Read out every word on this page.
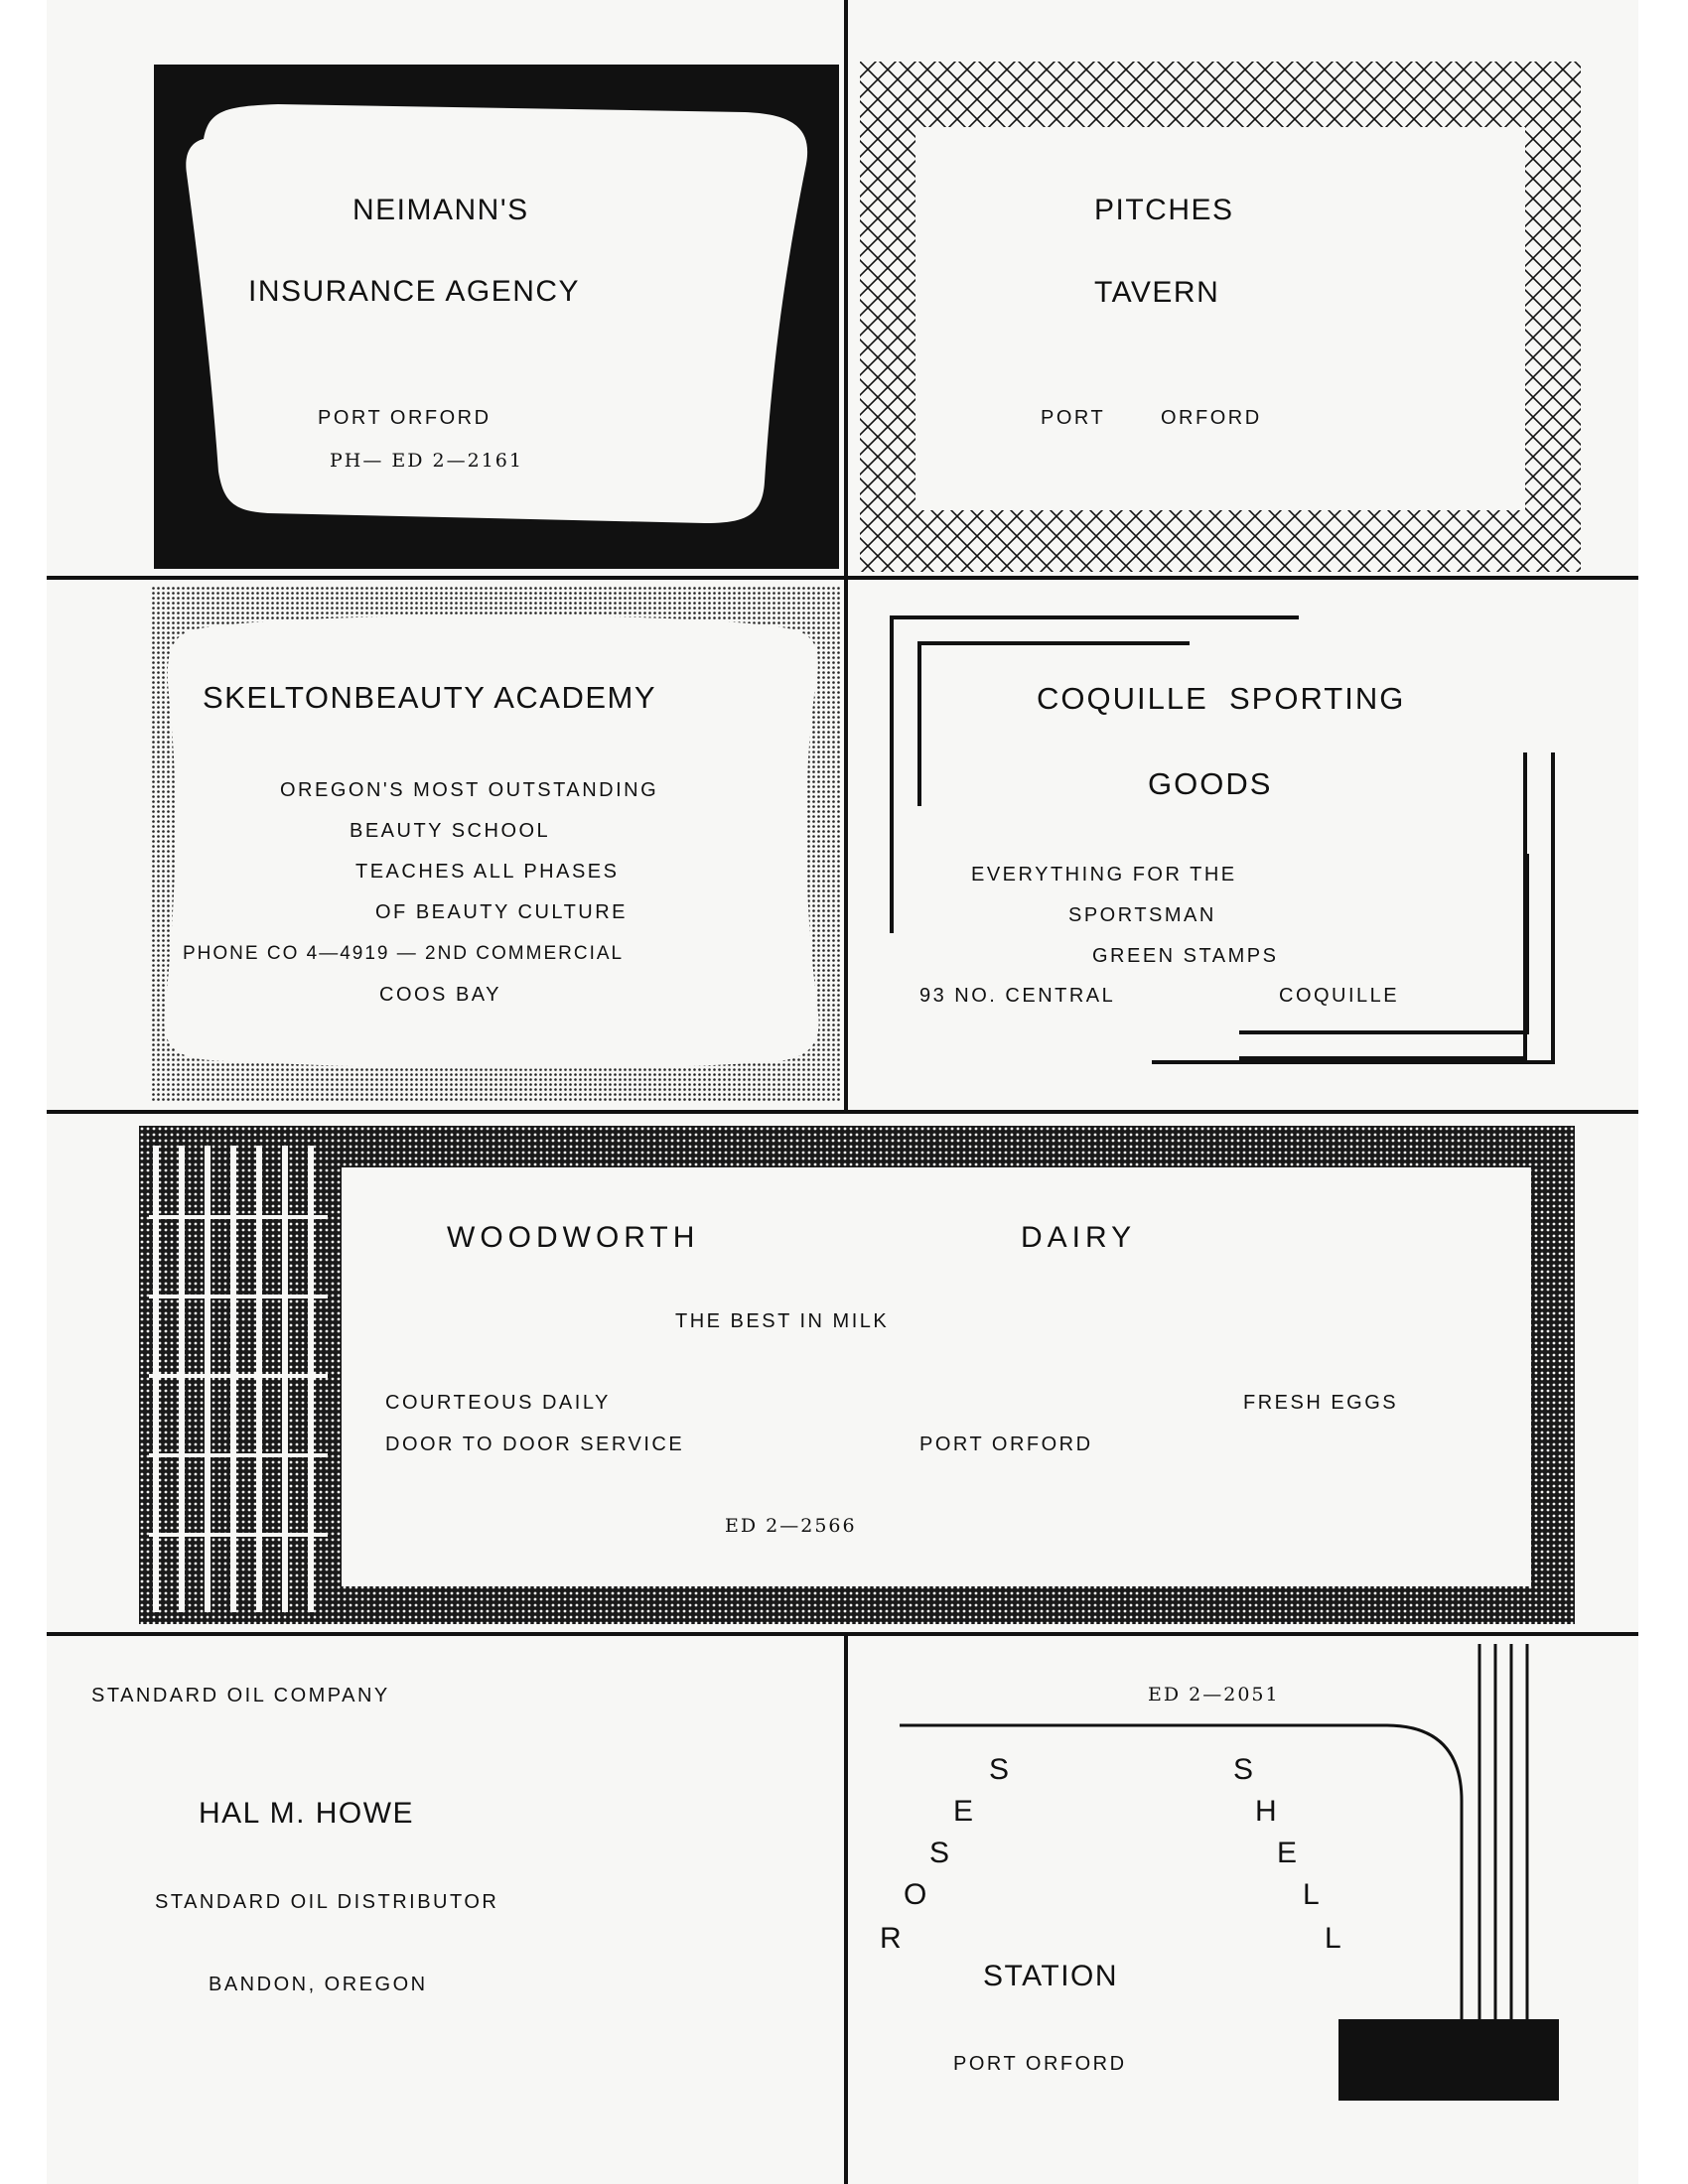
NEIMANN'S
INSURANCE AGENCY
PORT ORFORD
PH— ED 2—2161
PITCHES
TAVERN
PORT	ORFORD
SKELTONBEAUTY ACADEMY
OREGON'S MOST OUTSTANDING
BEAUTY SCHOOL
TEACHES ALL PHASES
OF BEAUTY CULTURE
PHONE CO 4—4919 — 2ND COMMERCIAL
COOS BAY
COQUILLE  SPORTING
GOODS
EVERYTHING FOR THE
SPORTSMAN
GREEN STAMPS
93 NO. CENTRAL	COQUILLE
WOODWORTH	DAIRY
THE BEST IN MILK
COURTEOUS DAILY
DOOR TO DOOR SERVICE
FRESH EGGS
PORT ORFORD
ED 2—2566
STANDARD OIL COMPANY
HAL M. HOWE
STANDARD OIL DISTRIBUTOR
BANDON, OREGON
ED 2—2051
S
E
S
O
R
S
H
E
L
L
STATION
PORT ORFORD
